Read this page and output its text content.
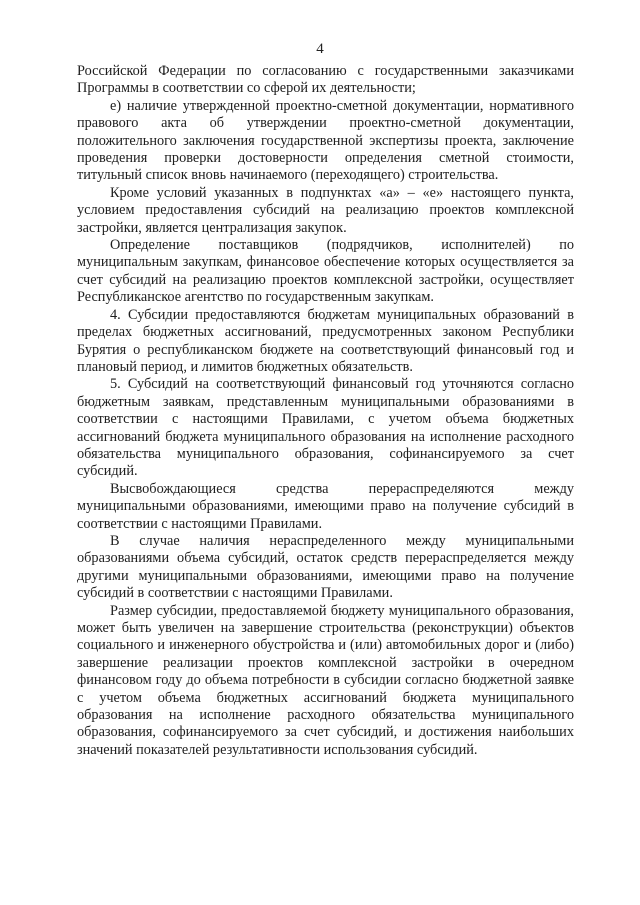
4

Российской Федерации по согласованию с государственными заказчиками Программы в соответствии со сферой их деятельности;

е) наличие утвержденной проектно-сметной документации, нормативного правового акта об утверждении проектно-сметной документации, положительного заключения государственной экспертизы проекта, заключение проведения проверки достоверности определения сметной стоимости, титульный список вновь начинаемого (переходящего) строительства.

Кроме условий указанных в подпунктах «а» – «е» настоящего пункта, условием предоставления субсидий на реализацию проектов комплексной застройки, является централизация закупок.

Определение поставщиков (подрядчиков, исполнителей) по муниципальным закупкам, финансовое обеспечение которых осуществляется за счет субсидий на реализацию проектов комплексной застройки, осуществляет Республиканское агентство по государственным закупкам.

4. Субсидии предоставляются бюджетам муниципальных образований в пределах бюджетных ассигнований, предусмотренных законом Республики Бурятия о республиканском бюджете на соответствующий финансовый год и плановый период, и лимитов бюджетных обязательств.

5. Субсидий на соответствующий финансовый год уточняются согласно бюджетным заявкам, представленным муниципальными образованиями в соответствии с настоящими Правилами, с учетом объема бюджетных ассигнований бюджета муниципального образования на исполнение расходного обязательства муниципального образования, софинансируемого за счет субсидий.

Высвобождающиеся средства перераспределяются между муниципальными образованиями, имеющими право на получение субсидий в соответствии с настоящими Правилами.

В случае наличия нераспределенного между муниципальными образованиями объема субсидий, остаток средств перераспределяется между другими муниципальными образованиями, имеющими право на получение субсидий в соответствии с настоящими Правилами.

Размер субсидии, предоставляемой бюджету муниципального образования, может быть увеличен на завершение строительства (реконструкции) объектов социального и инженерного обустройства и (или) автомобильных дорог и (либо) завершение реализации проектов комплексной застройки в очередном финансовом году до объема потребности в субсидии согласно бюджетной заявке с учетом объема бюджетных ассигнований бюджета муниципального образования на исполнение расходного обязательства муниципального образования, софинансируемого за счет субсидий, и достижения наибольших значений показателей результативности использования субсидий.
